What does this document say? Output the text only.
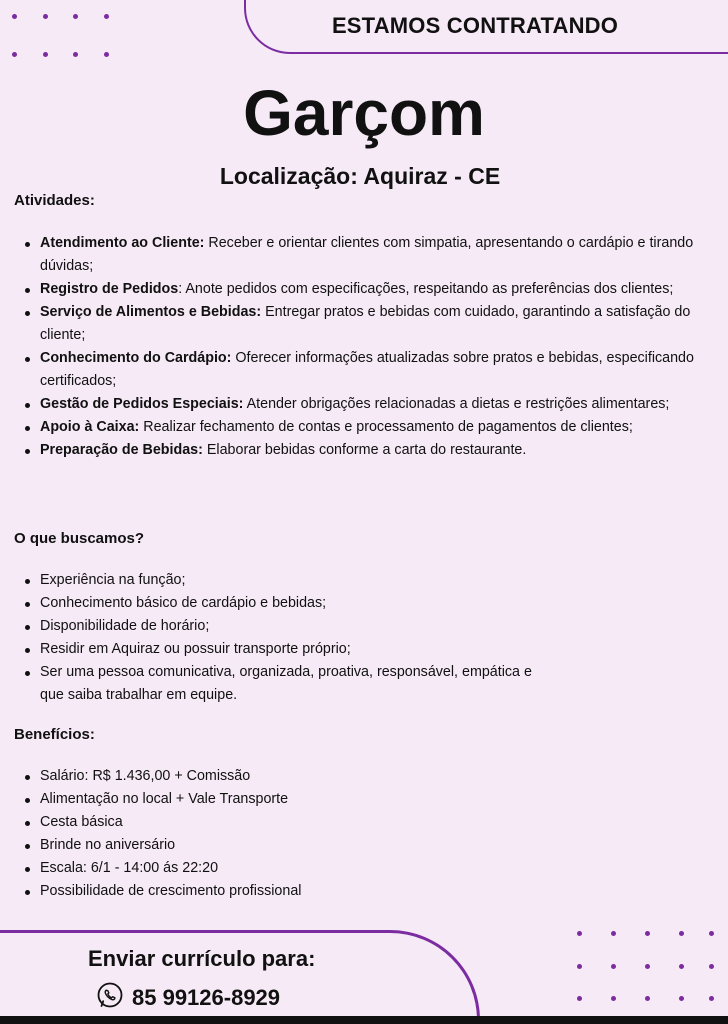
ESTAMOS CONTRATANDO
Garçom
Localização: Aquiraz - CE
Atividades:
Atendimento ao Cliente: Receber e orientar clientes com simpatia, apresentando o cardápio e tirando dúvidas;
Registro de Pedidos: Anote pedidos com especificações, respeitando as preferências dos clientes;
Serviço de Alimentos e Bebidas: Entregar pratos e bebidas com cuidado, garantindo a satisfação do cliente;
Conhecimento do Cardápio: Oferecer informações atualizadas sobre pratos e bebidas, especificando certificados;
Gestão de Pedidos Especiais: Atender obrigações relacionadas a dietas e restrições alimentares;
Apoio à Caixa: Realizar fechamento de contas e processamento de pagamentos de clientes;
Preparação de Bebidas: Elaborar bebidas conforme a carta do restaurante.
O que buscamos?
Experiência na função;
Conhecimento básico de cardápio e bebidas;
Disponibilidade de horário;
Residir em Aquiraz ou possuir transporte próprio;
Ser uma pessoa comunicativa, organizada, proativa, responsável, empática e que saiba trabalhar em equipe.
Benefícios:
Salário: R$ 1.436,00 + Comissão
Alimentação no local + Vale Transporte
Cesta básica
Brinde no aniversário
Escala: 6/1 - 14:00 ás 22:20
Possibilidade de crescimento profissional
Enviar currículo para:
85 99126-8929
